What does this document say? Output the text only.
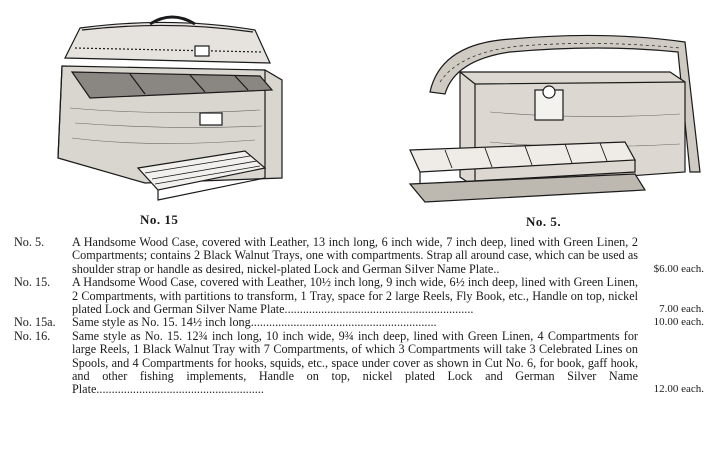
No. 15	No. 5.
No. 5.	A Handsome Wood Case, covered with Leather, 13 inch long, 6 inch wide, 7 inch deep, lined with Green Linen, 2 Compartments; contains 2 Black Walnut Trays, one with compartments. Strap all around case, which can be used as shoulder strap or handle as desired, nickel-plated Lock and German Silver Name Plate..	$6.00 each.
No. 15.	A Handsome Wood Case, covered with Leather, 10½ inch long, 9 inch wide, 6½ inch deep, lined with Green Linen, 2 Compartments, with partitions to transform, 1 Tray, space for 2 large Reels, Fly Book, etc., Handle on top, nickel plated Lock and German Silver Name Plate..............................................................	7.00 each.
No. 15a.	Same style as No. 15. 14½ inch long.............................................................	10.00 each.
No. 16.	Same style as No. 15. 12¾ inch long, 10 inch wide, 9¾ inch deep, lined with Green Linen, 4 Compartments for large Reels, 1 Black Walnut Tray with 7 Compartments, of which 3 Compartments will take 3 Celebrated Lines on Spools, and 4 Compartments for hooks, squids, etc., space under cover as shown in Cut No. 6, for book, gaff hook, and other fishing implements, Handle on top, nickel plated Lock and German Silver Name Plate.......................................................	12.00 each.
